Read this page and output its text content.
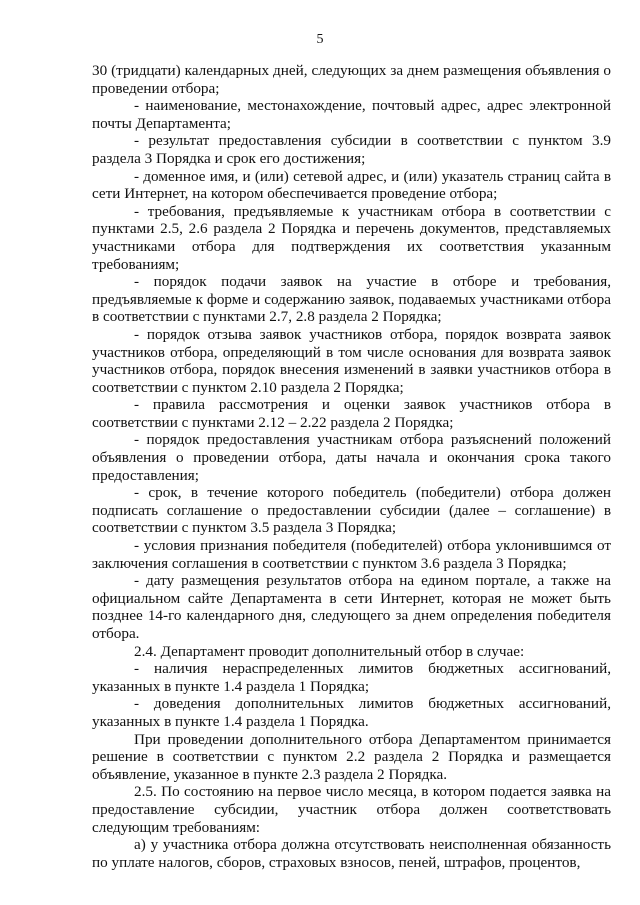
5

30 (тридцати) календарных дней, следующих за днем размещения объявления о проведении отбора;

- наименование, местонахождение, почтовый адрес, адрес электронной почты Департамента;

- результат предоставления субсидии в соответствии с пунктом 3.9 раздела 3 Порядка и срок его достижения;

- доменное имя, и (или) сетевой адрес, и (или) указатель страниц сайта в сети Интернет, на котором обеспечивается проведение отбора;

- требования, предъявляемые к участникам отбора в соответствии с пунктами 2.5, 2.6 раздела 2 Порядка и перечень документов, представляемых участниками отбора для подтверждения их соответствия указанным требованиям;

- порядок подачи заявок на участие в отборе и требования, предъявляемые к форме и содержанию заявок, подаваемых участниками отбора в соответствии с пунктами 2.7, 2.8 раздела 2 Порядка;

- порядок отзыва заявок участников отбора, порядок возврата заявок участников отбора, определяющий в том числе основания для возврата заявок участников отбора, порядок внесения изменений в заявки участников отбора в соответствии с пунктом 2.10 раздела 2 Порядка;

- правила рассмотрения и оценки заявок участников отбора в соответствии с пунктами 2.12 – 2.22 раздела 2 Порядка;

- порядок предоставления участникам отбора разъяснений положений объявления о проведении отбора, даты начала и окончания срока такого предоставления;

- срок, в течение которого победитель (победители) отбора должен подписать соглашение о предоставлении субсидии (далее – соглашение) в соответствии с пунктом 3.5 раздела 3 Порядка;

- условия признания победителя (победителей) отбора уклонившимся от заключения соглашения в соответствии с пунктом 3.6 раздела 3 Порядка;

- дату размещения результатов отбора на едином портале, а также на официальном сайте Департамента в сети Интернет, которая не может быть позднее 14-го календарного дня, следующего за днем определения победителя отбора.

2.4. Департамент проводит дополнительный отбор в случае:

- наличия нераспределенных лимитов бюджетных ассигнований, указанных в пункте 1.4 раздела 1 Порядка;

- доведения дополнительных лимитов бюджетных ассигнований, указанных в пункте 1.4 раздела 1 Порядка.

При проведении дополнительного отбора Департаментом принимается решение в соответствии с пунктом 2.2 раздела 2 Порядка и размещается объявление, указанное в пункте 2.3 раздела 2 Порядка.

2.5. По состоянию на первое число месяца, в котором подается заявка на предоставление субсидии, участник отбора должен соответствовать следующим требованиям:

а) у участника отбора должна отсутствовать неисполненная обязанность по уплате налогов, сборов, страховых взносов, пеней, штрафов, процентов,
